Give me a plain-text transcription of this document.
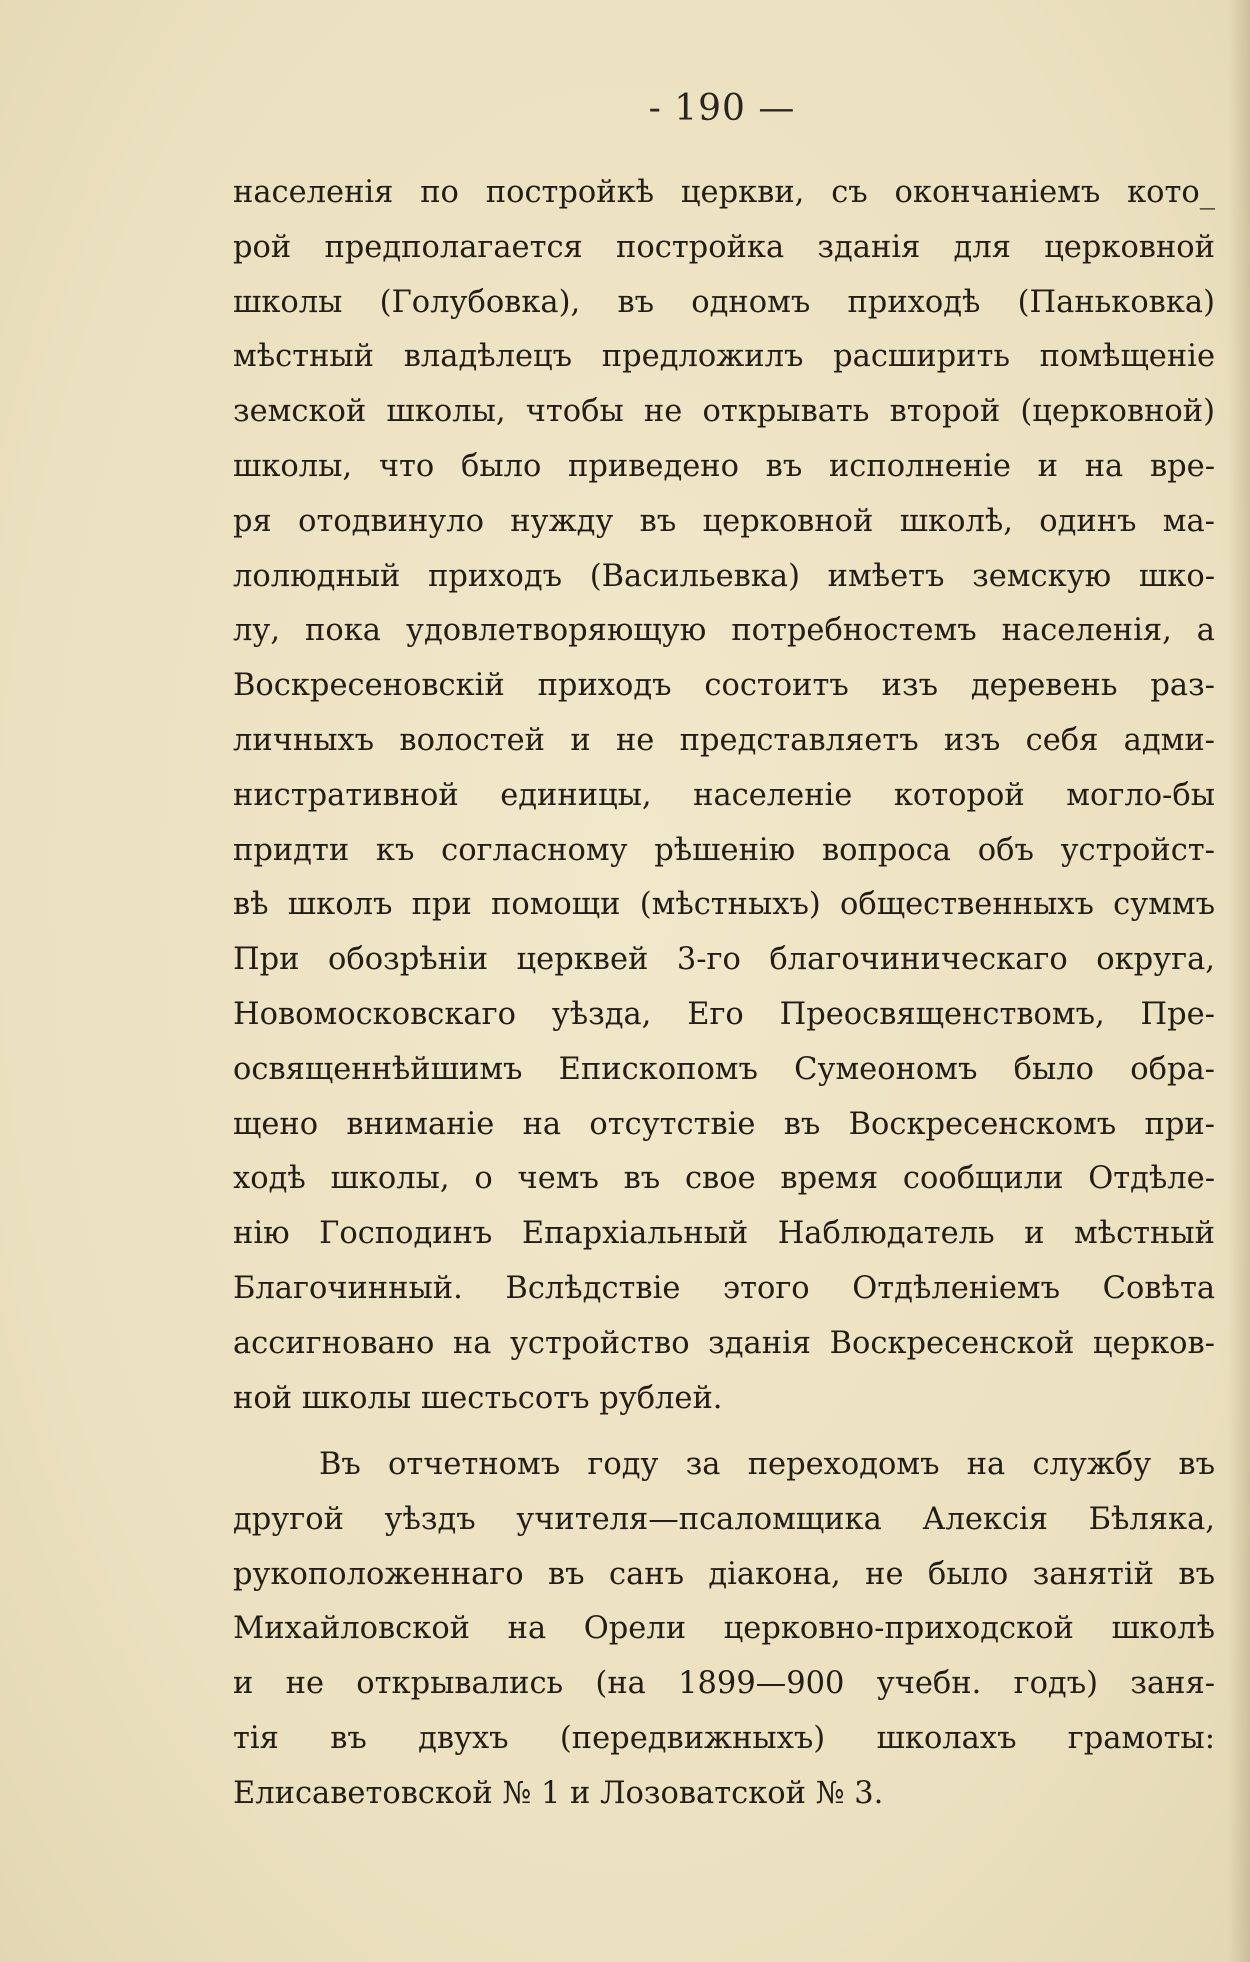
- 190 —
населенія по постройкѣ церкви, съ окончаніемъ кото_
рой предполагается постройка зданія для церковной
школы (Голубовка), въ одномъ приходѣ (Паньковка)
мѣстный владѣлецъ предложилъ расширить помѣщеніе
земской школы, чтобы не открывать второй (церковной)
школы, что было приведено въ исполненіе и на вре-
ря отодвинуло нужду въ церковной школѣ, одинъ ма-
лолюдный приходъ (Васильевка) имѣетъ земскую шко-
лу, пока удовлетворяющую потребностемъ населенія, а
Воскресеновскій приходъ состоитъ изъ деревень раз-
личныхъ волостей и не представляетъ изъ себя адми-
нистративной единицы, населеніе которой могло-бы
придти къ согласному рѣшенію вопроса объ устройст-
вѣ школъ при помощи (мѣстныхъ) общественныхъ суммъ
При обозрѣніи церквей 3-го благочиническаго округа,
Новомосковскаго уѣзда, Его Преосвященствомъ, Пре-
освященнѣйшимъ Епископомъ Сумеономъ было обра-
щено вниманіе на отсутствіе въ Воскресенскомъ при-
ходѣ школы, о чемъ въ свое время сообщили Отдѣле-
нію Господинъ Епархіальный Наблюдатель и мѣстный
Благочинный. Вслѣдствіе этого Отдѣленіемъ Совѣта
ассигновано на устройство зданія Воскресенской церков-
ной школы шестьсотъ рублей.
Въ отчетномъ году за переходомъ на службу въ
другой уѣздъ учителя—псаломщика Алексія Бѣляка,
рукоположеннаго въ санъ діакона, не было занятій въ
Михайловской на Орели церковно-приходской школѣ
и не открывались (на 1899—900 учебн. годъ) заня-
тія въ двухъ (передвижныхъ) школахъ грамоты:
Елисаветовской № 1 и Лозоватской № 3.
